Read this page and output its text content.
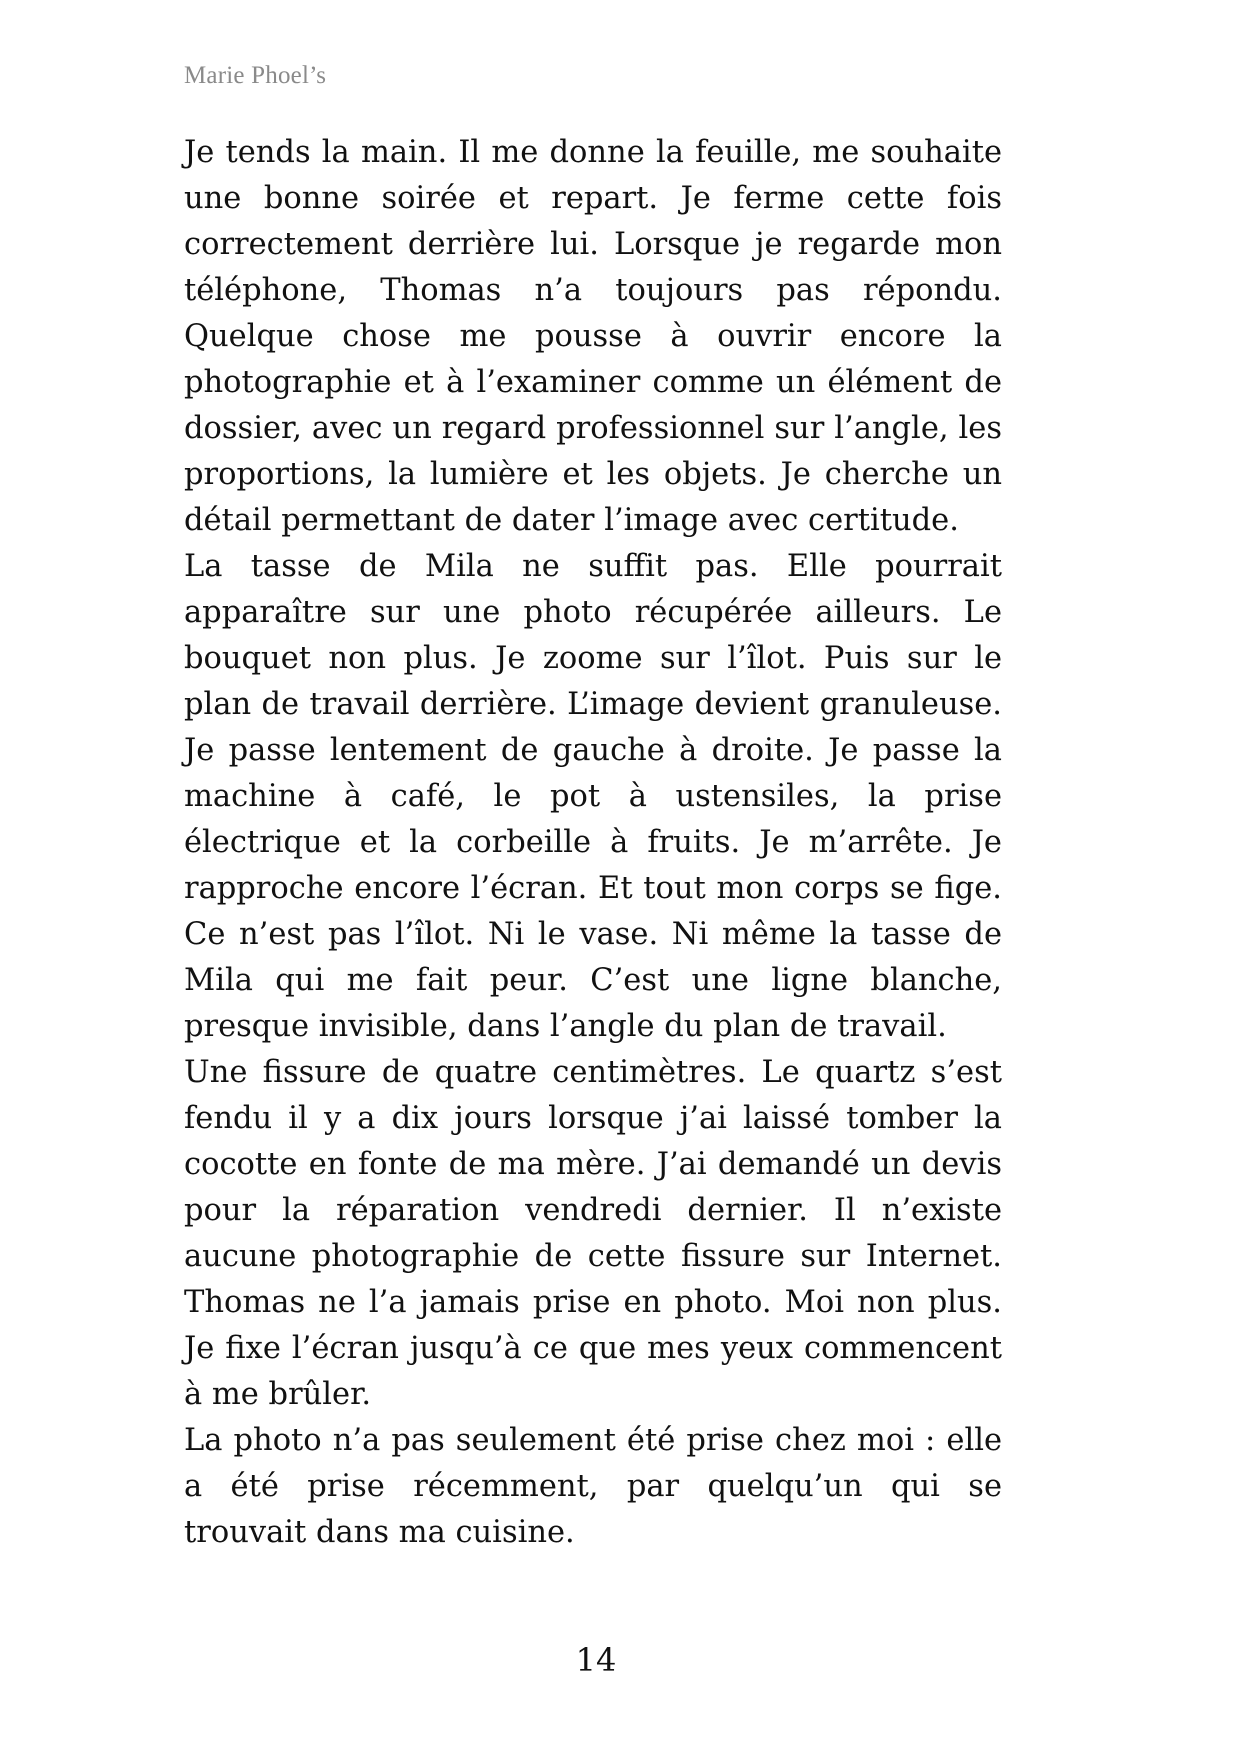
Marie Phoel’s

Je tends la main. Il me donne la feuille, me souhaite une bonne soirée et repart. Je ferme cette fois correctement derrière lui. Lorsque je regarde mon téléphone, Thomas n’a toujours pas répondu. Quelque chose me pousse à ouvrir encore la photographie et à l’examiner comme un élément de dossier, avec un regard professionnel sur l’angle, les proportions, la lumière et les objets. Je cherche un détail permettant de dater l’image avec certitude.

La tasse de Mila ne suffit pas. Elle pourrait apparaître sur une photo récupérée ailleurs. Le bouquet non plus. Je zoome sur l’îlot. Puis sur le plan de travail derrière. L’image devient granuleuse. Je passe lentement de gauche à droite. Je passe la machine à café, le pot à ustensiles, la prise électrique et la corbeille à fruits. Je m’arrête. Je rapproche encore l’écran. Et tout mon corps se fige. Ce n’est pas l’îlot. Ni le vase. Ni même la tasse de Mila qui me fait peur. C’est une ligne blanche, presque invisible, dans l’angle du plan de travail.

Une fissure de quatre centimètres. Le quartz s’est fendu il y a dix jours lorsque j’ai laissé tomber la cocotte en fonte de ma mère. J’ai demandé un devis pour la réparation vendredi dernier. Il n’existe aucune photographie de cette fissure sur Internet. Thomas ne l’a jamais prise en photo. Moi non plus. Je fixe l’écran jusqu’à ce que mes yeux commencent à me brûler.

La photo n’a pas seulement été prise chez moi : elle a été prise récemment, par quelqu’un qui se trouvait dans ma cuisine.

14
